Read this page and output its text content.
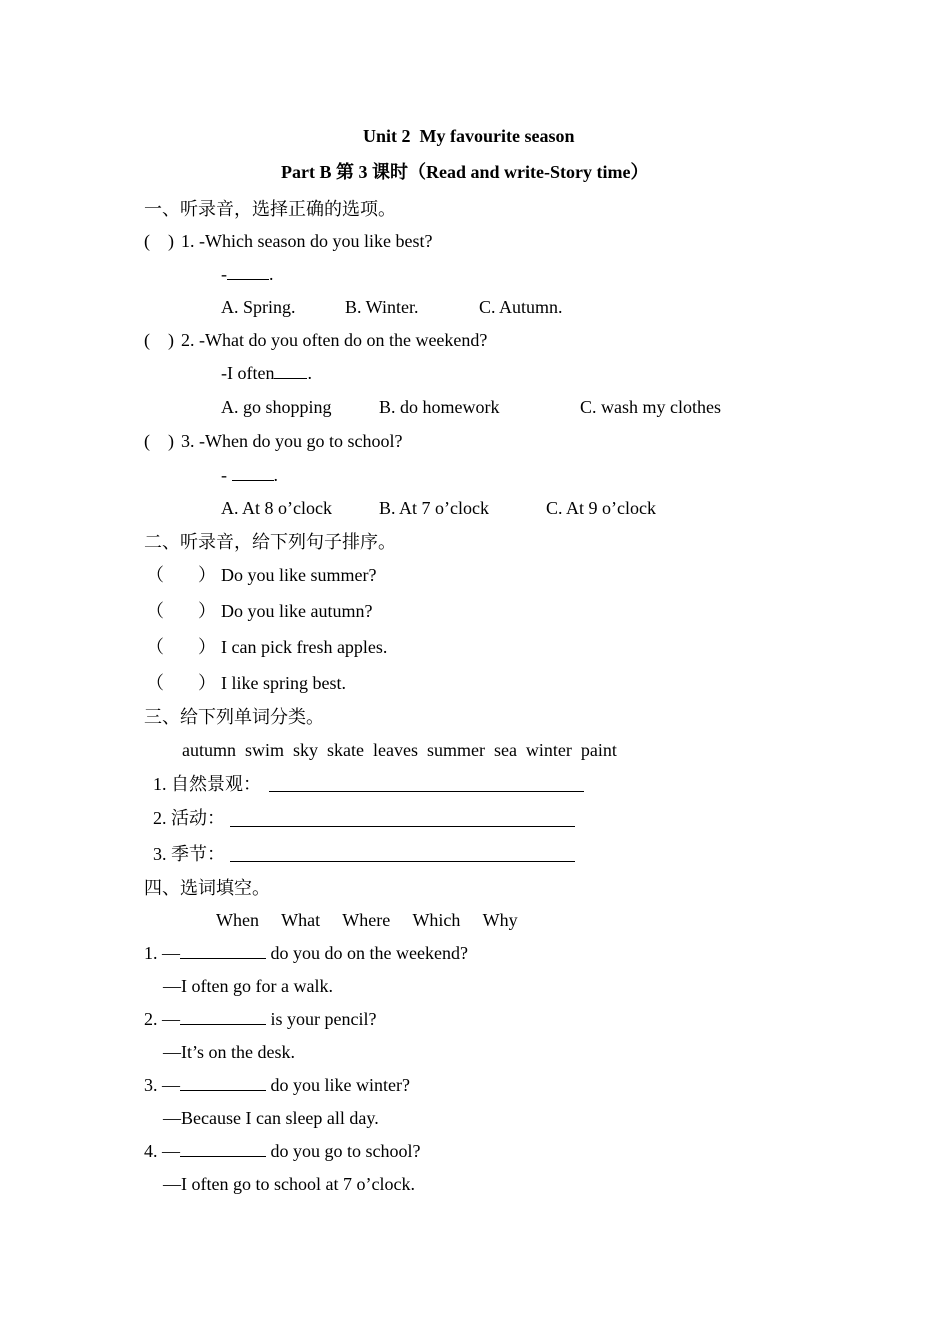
Unit 2  My favourite season
Part B 第 3 课时（Read and write-Story time）
一、听录音，选择正确的选项。
(    ) 1. -Which season do you like best?
- .
A. Spring.	B. Winter.	C. Autumn.
(    ) 2. -What do you often do on the weekend?
-I often .
A. go shopping	B. do homework	C. wash my clothes
(    ) 3. -When do you go to school?
- .
A. At 8 o’clock	B. At 7 o’clock	C. At 9 o’clock
二、听录音，给下列句子排序。
（ ） Do you like summer?
（ ） Do you like autumn?
（ ） I can pick fresh apples.
（ ） I like spring best.
三、给下列单词分类。
autumn  swim  sky  skate  leaves  summer  sea  winter  paint
1. 自然景观：
2. 活动：
3. 季节：
四、选词填空。
When     What     Where     Which     Why
1. —	do you do on the weekend?
—I often go for a walk.
2. —	is your pencil?
—It’s on the desk.
3. —	do you like winter?
—Because I can sleep all day.
4. —	do you go to school?
—I often go to school at 7 o’clock.
